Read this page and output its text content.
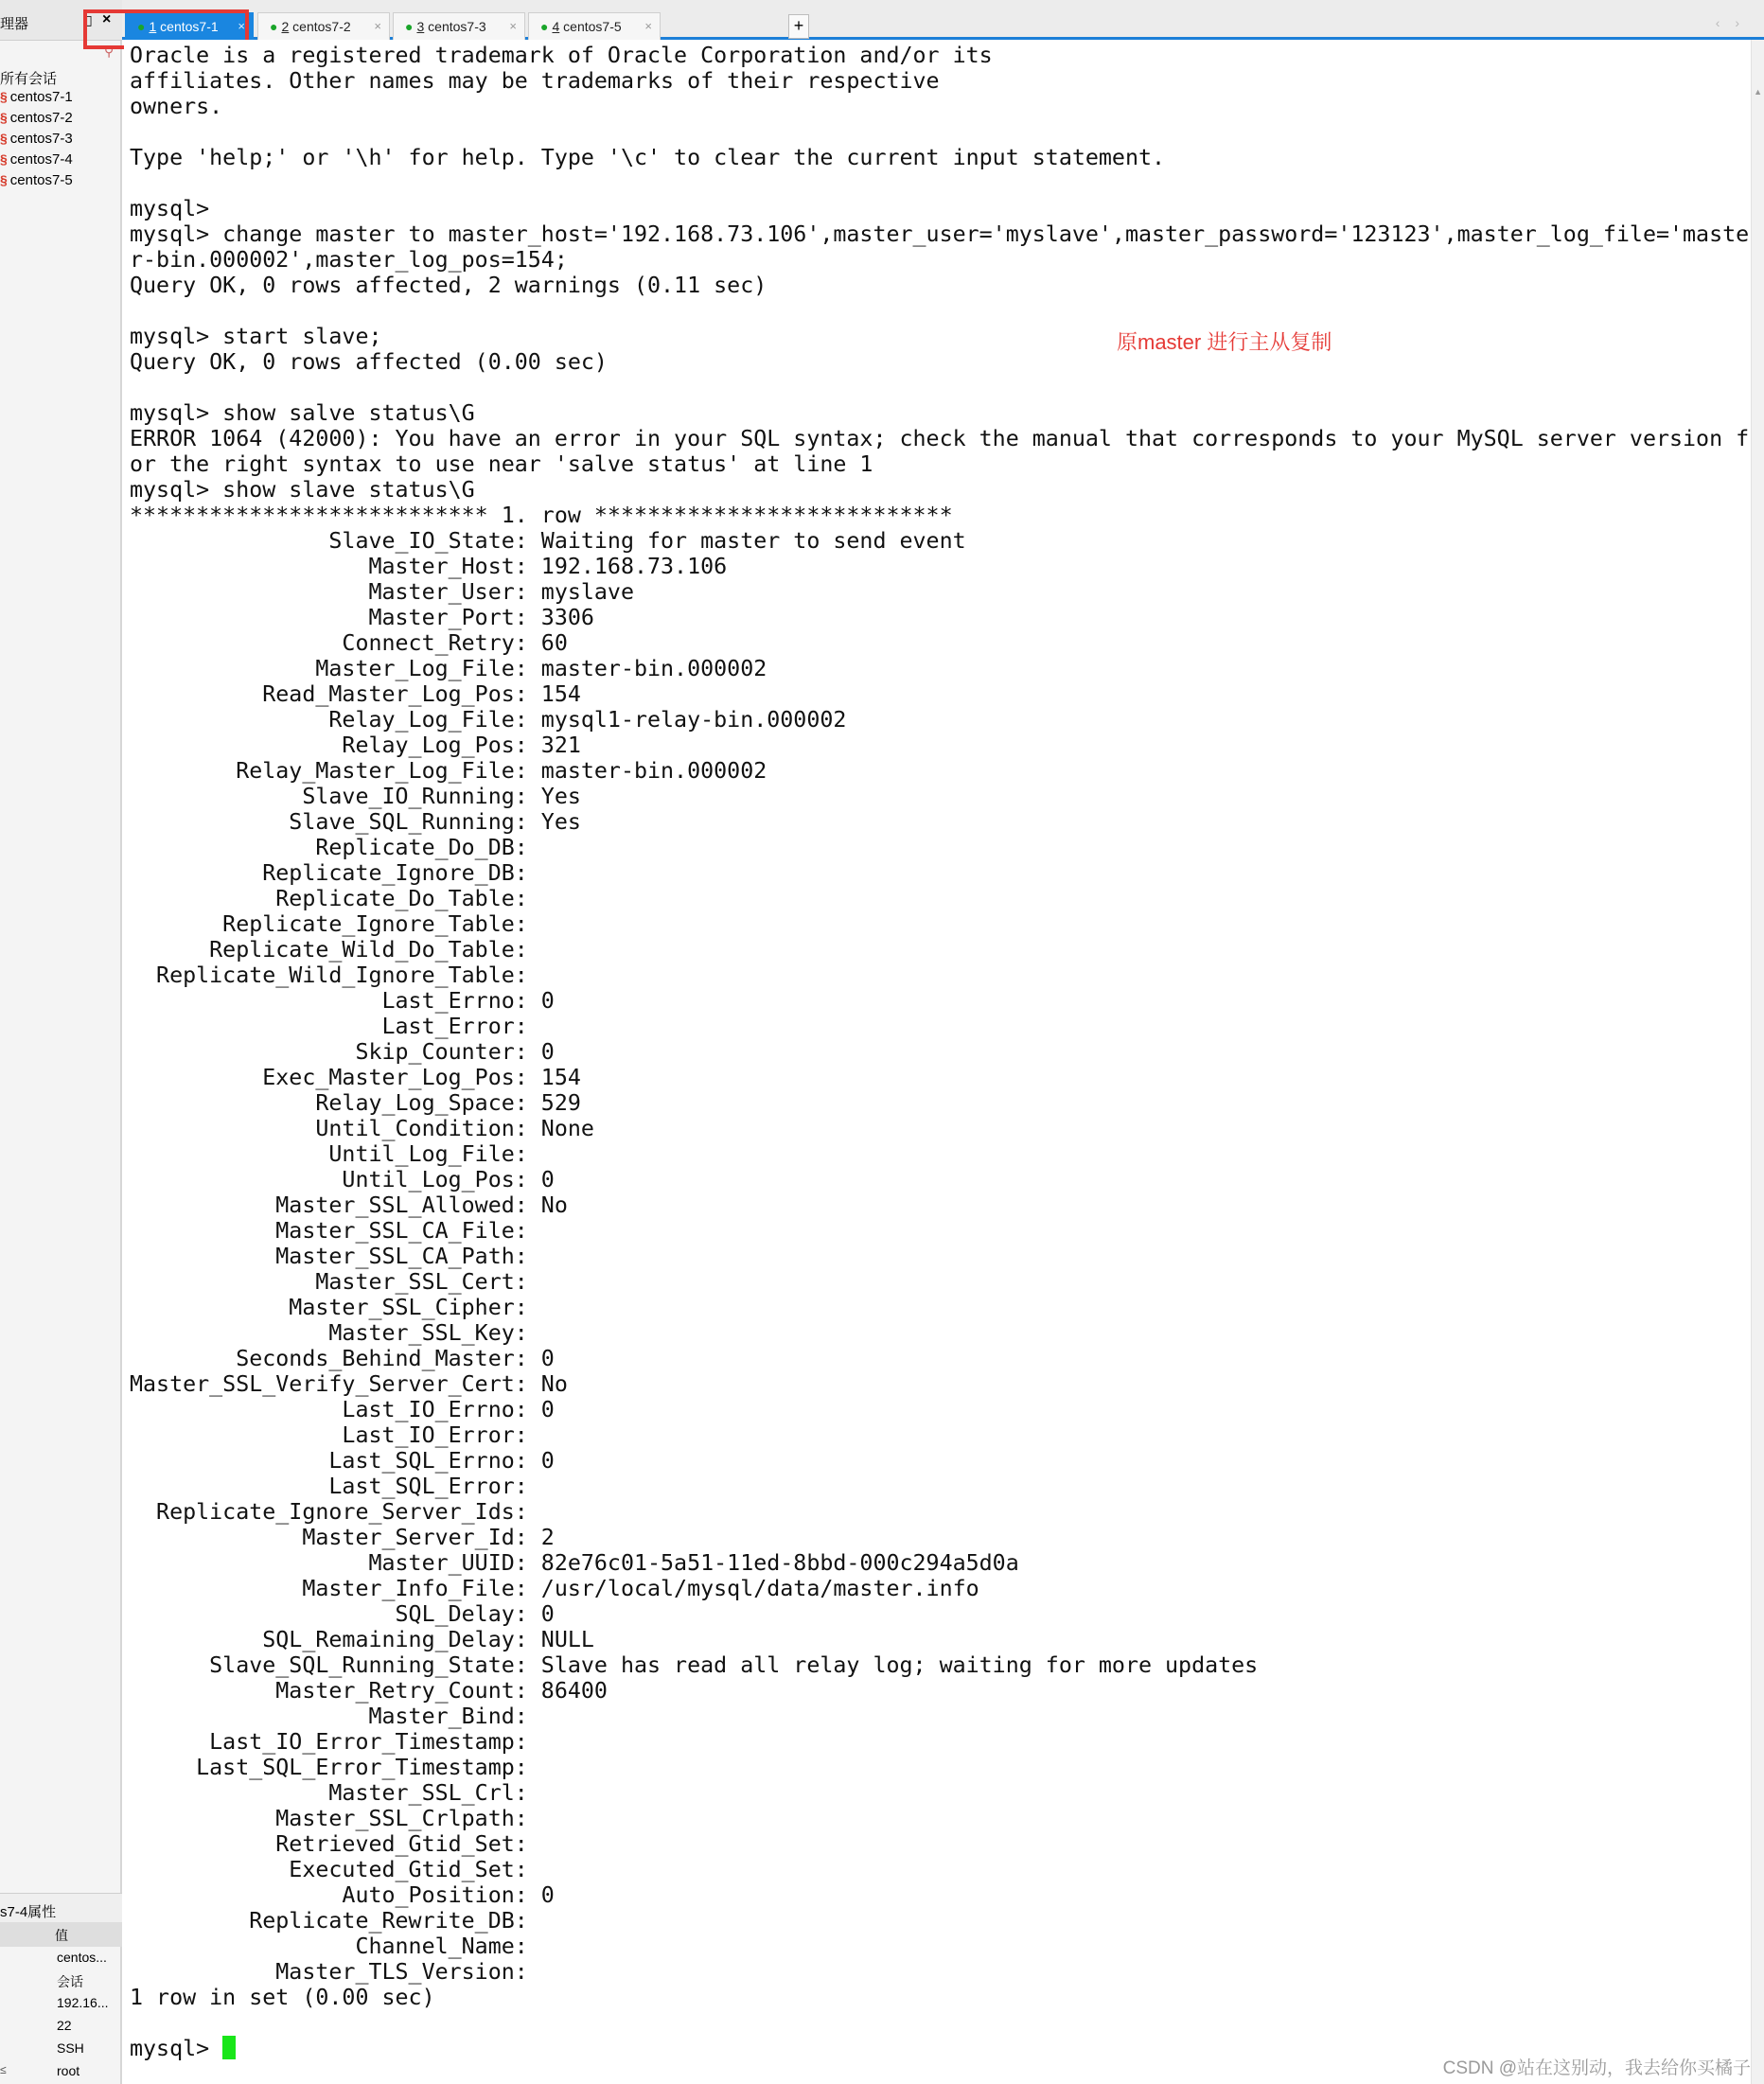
理器	▯ ×
⚲
所有会话
§ centos7-1
§ centos7-2
§ centos7-3
§ centos7-4
§ centos7-5
s7-4属性
值
centos...
会话
192.16...
22
SSH
root
≤
● 1 centos7-1 ×	● 2 centos7-2 ×	● 3 centos7-3 ×	● 4 centos7-5 ×	+	‹ ›
Oracle is a registered trademark of Oracle Corporation and/or its
affiliates. Other names may be trademarks of their respective
owners.

Type 'help;' or '\h' for help. Type '\c' to clear the current input statement.

mysql>
mysql> change master to master_host='192.168.73.106',master_user='myslave',master_password='123123',master_log_file='maste
r-bin.000002',master_log_pos=154;
Query OK, 0 rows affected, 2 warnings (0.11 sec)

mysql> start slave;
Query OK, 0 rows affected (0.00 sec)

mysql> show salve status\G
ERROR 1064 (42000): You have an error in your SQL syntax; check the manual that corresponds to your MySQL server version f
or the right syntax to use near 'salve status' at line 1
mysql> show slave status\G
*************************** 1. row ***************************
Slave_IO_State: Waiting for master to send event
Master_Host: 192.168.73.106
Master_User: myslave
Master_Port: 3306
Connect_Retry: 60
Master_Log_File: master-bin.000002
Read_Master_Log_Pos: 154
Relay_Log_File: mysql1-relay-bin.000002
Relay_Log_Pos: 321
Relay_Master_Log_File: master-bin.000002
Slave_IO_Running: Yes
Slave_SQL_Running: Yes
Replicate_Do_DB:
Replicate_Ignore_DB:
Replicate_Do_Table:
Replicate_Ignore_Table:
Replicate_Wild_Do_Table:
Replicate_Wild_Ignore_Table:
Last_Errno: 0
Last_Error:
Skip_Counter: 0
Exec_Master_Log_Pos: 154
Relay_Log_Space: 529
Until_Condition: None
Until_Log_File:
Until_Log_Pos: 0
Master_SSL_Allowed: No
Master_SSL_CA_File:
Master_SSL_CA_Path:
Master_SSL_Cert:
Master_SSL_Cipher:
Master_SSL_Key:
Seconds_Behind_Master: 0
Master_SSL_Verify_Server_Cert: No
Last_IO_Errno: 0
Last_IO_Error:
Last_SQL_Errno: 0
Last_SQL_Error:
Replicate_Ignore_Server_Ids:
Master_Server_Id: 2
Master_UUID: 82e76c01-5a51-11ed-8bbd-000c294a5d0a
Master_Info_File: /usr/local/mysql/data/master.info
SQL_Delay: 0
SQL_Remaining_Delay: NULL
Slave_SQL_Running_State: Slave has read all relay log; waiting for more updates
Master_Retry_Count: 86400
Master_Bind:
Last_IO_Error_Timestamp:
Last_SQL_Error_Timestamp:
Master_SSL_Crl:
Master_SSL_Crlpath:
Retrieved_Gtid_Set:
Executed_Gtid_Set:
Auto_Position: 0
Replicate_Rewrite_DB:
Channel_Name:
Master_TLS_Version:
1 row in set (0.00 sec)

mysql>
原master 进行主从复制
▲
CSDN @站在这别动，我去给你买橘子
